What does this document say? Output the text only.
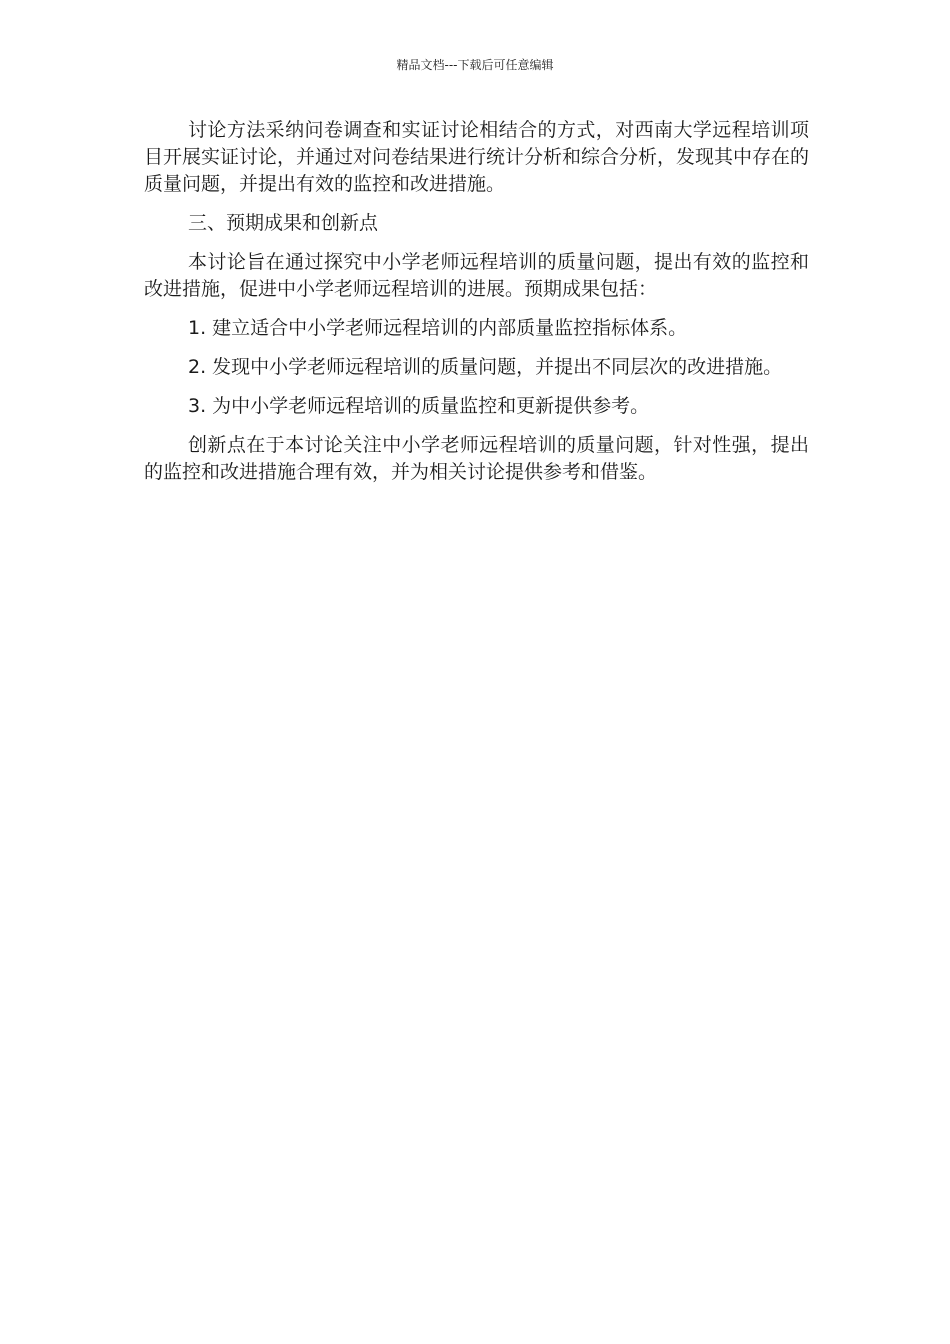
精品文档---下载后可任意编辑

讨论方法采纳问卷调查和实证讨论相结合的方式，对西南大学远程培训项目开展实证讨论，并通过对问卷结果进行统计分析和综合分析，发现其中存在的质量问题，并提出有效的监控和改进措施。

三、预期成果和创新点

本讨论旨在通过探究中小学老师远程培训的质量问题，提出有效的监控和改进措施，促进中小学老师远程培训的进展。预期成果包括：

1. 建立适合中小学老师远程培训的内部质量监控指标体系。

2. 发现中小学老师远程培训的质量问题，并提出不同层次的改进措施。

3. 为中小学老师远程培训的质量监控和更新提供参考。

创新点在于本讨论关注中小学老师远程培训的质量问题，针对性强，提出的监控和改进措施合理有效，并为相关讨论提供参考和借鉴。
